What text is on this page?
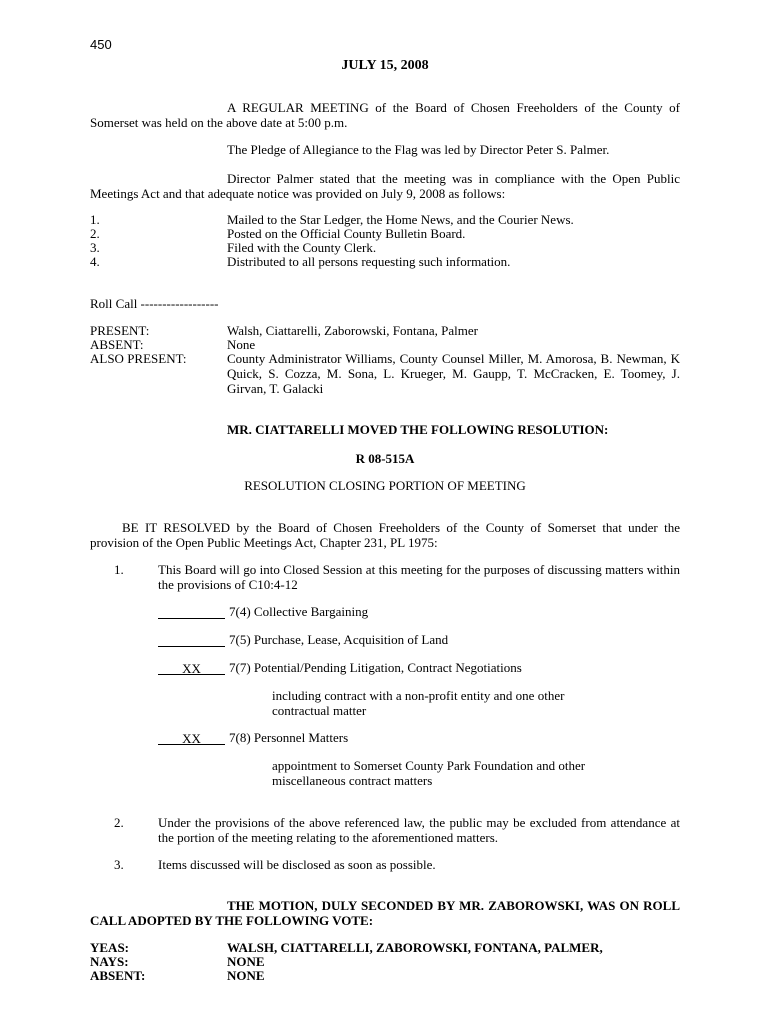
450
JULY 15, 2008
A REGULAR MEETING of the Board of Chosen Freeholders of the County of Somerset was held on the above date at 5:00 p.m.
The Pledge of Allegiance to the Flag was led by Director Peter S. Palmer.
Director Palmer stated that the meeting was in compliance with the Open Public Meetings Act and that adequate notice was provided on July 9, 2008 as follows:
1.	Mailed to the Star Ledger, the Home News, and the Courier News.
2.	Posted on the Official County Bulletin Board.
3.	Filed with the County Clerk.
4.	Distributed to all persons requesting such information.
Roll Call ------------------
PRESENT:	Walsh, Ciattarelli, Zaborowski, Fontana, Palmer
ABSENT:	None
ALSO PRESENT:	County Administrator Williams, County Counsel Miller, M. Amorosa, B. Newman, K Quick, S. Cozza, M. Sona, L. Krueger, M. Gaupp, T. McCracken, E. Toomey, J. Girvan, T. Galacki
MR. CIATTARELLI MOVED THE FOLLOWING RESOLUTION:
R 08-515A
RESOLUTION CLOSING PORTION OF MEETING
BE IT RESOLVED by the Board of Chosen Freeholders of the County of Somerset that under the provision of the Open Public Meetings Act, Chapter 231, PL 1975:
1.	This Board will go into Closed Session at this meeting for the purposes of discussing matters within the provisions of C10:4-12
7(4) Collective Bargaining
7(5) Purchase, Lease, Acquisition of Land
XX 7(7) Potential/Pending Litigation, Contract Negotiations
including contract with a non-profit entity and one other
contractual matter
XX 7(8) Personnel Matters
appointment to Somerset County Park Foundation and other
miscellaneous contract matters
2.	Under the provisions of the above referenced law, the public may be excluded from attendance at the portion of the meeting relating to the aforementioned matters.
3.	Items discussed will be disclosed as soon as possible.
THE MOTION, DULY SECONDED BY MR. ZABOROWSKI, WAS ON ROLL CALL ADOPTED BY THE FOLLOWING VOTE:
YEAS:	WALSH, CIATTARELLI, ZABOROWSKI, FONTANA, PALMER,
NAYS:	NONE
ABSENT:	NONE
